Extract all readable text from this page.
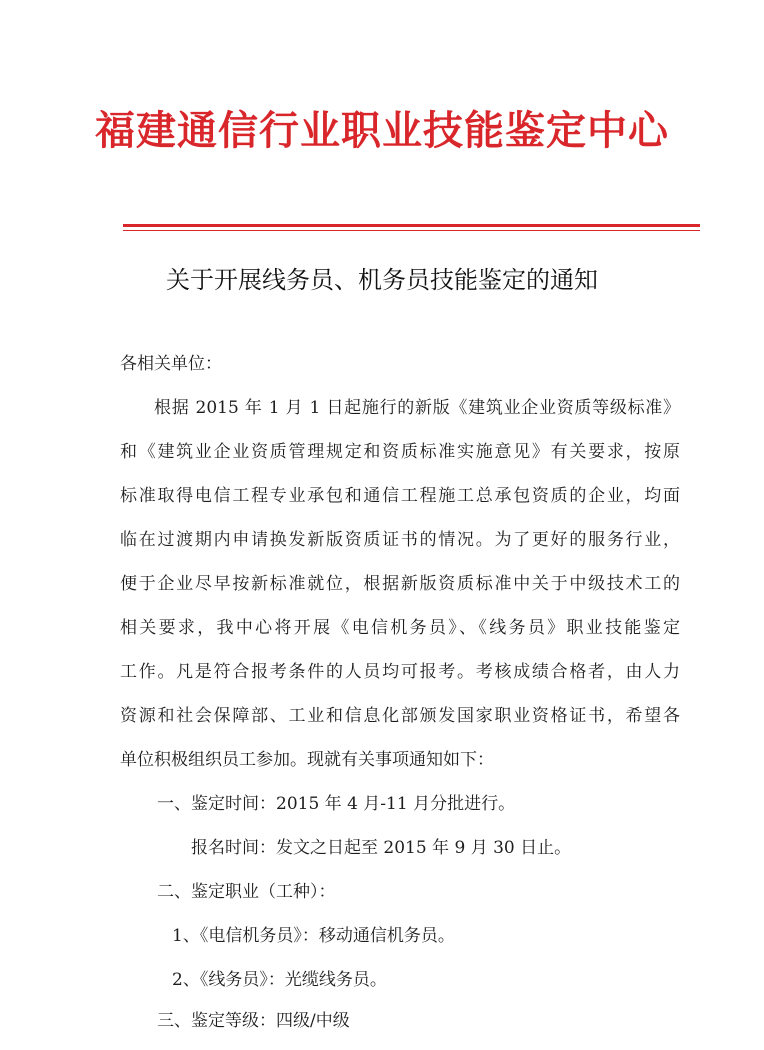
福建通信行业职业技能鉴定中心
关于开展线务员、机务员技能鉴定的通知
各相关单位：
根据 2015 年 1 月 1 日起施行的新版《建筑业企业资质等级标准》
和《建筑业企业资质管理规定和资质标准实施意见》有关要求，按原
标准取得电信工程专业承包和通信工程施工总承包资质的企业，均面
临在过渡期内申请换发新版资质证书的情况。为了更好的服务行业，
便于企业尽早按新标准就位，根据新版资质标准中关于中级技术工的
相关要求，我中心将开展《电信机务员》、《线务员》职业技能鉴定
工作。凡是符合报考条件的人员均可报考。考核成绩合格者，由人力
资源和社会保障部、工业和信息化部颁发国家职业资格证书，希望各
单位积极组织员工参加。现就有关事项通知如下：
一、鉴定时间：2015 年 4 月-11 月分批进行。
报名时间：发文之日起至 2015 年 9 月 30 日止。
二、鉴定职业（工种）：
1、《电信机务员》：移动通信机务员。
2、《线务员》：光缆线务员。
三、鉴定等级：四级/中级
